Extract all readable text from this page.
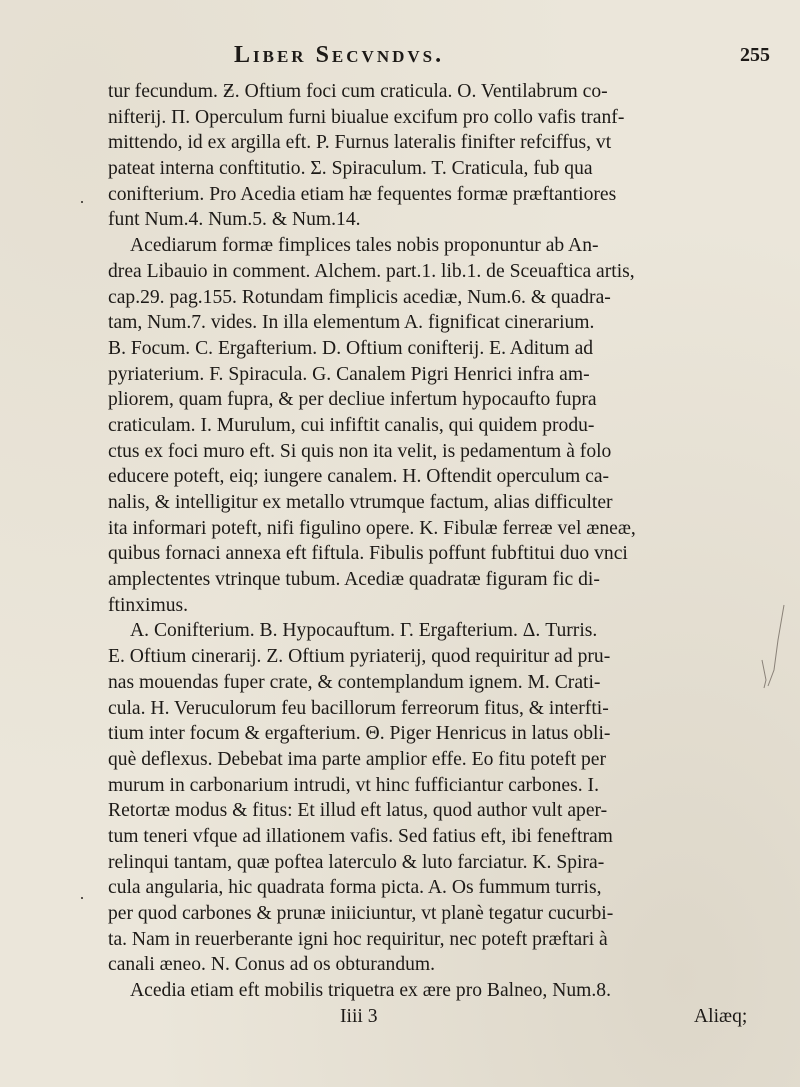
Liber Secvndvs.	255
tur fecundum. Ƶ. Oftium foci cum craticula. O. Ventilabrum co-
nifterij. Π. Operculum furni biualue excifum pro collo vafis tranf-
mittendo, id ex argilla eft. P. Furnus lateralis finifter refciffus, vt
pateat interna conftitutio. Σ. Spiraculum. T. Craticula, fub qua
conifterium. Pro Acedia etiam hæ fequentes formæ præftantiores
funt Num.4. Num.5. & Num.14.
Acediarum formæ fimplices tales nobis proponuntur ab An-
drea Libauio in comment. Alchem. part.1. lib.1. de Sceuaftica artis,
cap.29. pag.155. Rotundam fimplicis acediæ, Num.6. & quadra-
tam, Num.7. vides. In illa elementum A. fignificat cinerarium.
B. Focum. C. Ergafterium. D. Oftium conifterij. E. Aditum ad
pyriaterium. F. Spiracula. G. Canalem Pigri Henrici infra am-
pliorem, quam fupra, & per decliue infertum hypocaufto fupra
craticulam. I. Murulum, cui infiftit canalis, qui quidem produ-
ctus ex foci muro eft. Si quis non ita velit, is pedamentum à folo
educere poteft, eiq; iungere canalem. H. Oftendit operculum ca-
nalis, & intelligitur ex metallo vtrumque factum, alias difficulter
ita informari poteft, nifi figulino opere. K. Fibulæ ferreæ vel æneæ,
quibus fornaci annexa eft fiftula. Fibulis poffunt fubftitui duo vnci
amplectentes vtrinque tubum. Acediæ quadratæ figuram fic di-
ftinximus.
A. Conifterium. B. Hypocauftum. Γ. Ergafterium. Δ. Turris.
E. Oftium cinerarij. Z. Oftium pyriaterij, quod requiritur ad pru-
nas mouendas fuper crate, & contemplandum ignem. M. Crati-
cula. H. Veruculorum feu bacillorum ferreorum fitus, & interfti-
tium inter focum & ergafterium. Θ. Piger Henricus in latus obli-
què deflexus. Debebat ima parte amplior effe. Eo fitu poteft per
murum in carbonarium intrudi, vt hinc fufficiantur carbones. I.
Retortæ modus & fitus: Et illud eft latus, quod author vult aper-
tum teneri vfque ad illationem vafis. Sed fatius eft, ibi feneftram
relinqui tantam, quæ poftea laterculo & luto farciatur. K. Spira-
cula angularia, hic quadrata forma picta. A. Os fummum turris,
per quod carbones & prunæ iniiciuntur, vt planè tegatur cucurbi-
ta. Nam in reuerberante igni hoc requiritur, nec poteft præftari à
canali æneo. N. Conus ad os obturandum.
Acedia etiam eft mobilis triquetra ex ære pro Balneo, Num.8.
Iiii 3	Aliæq;
